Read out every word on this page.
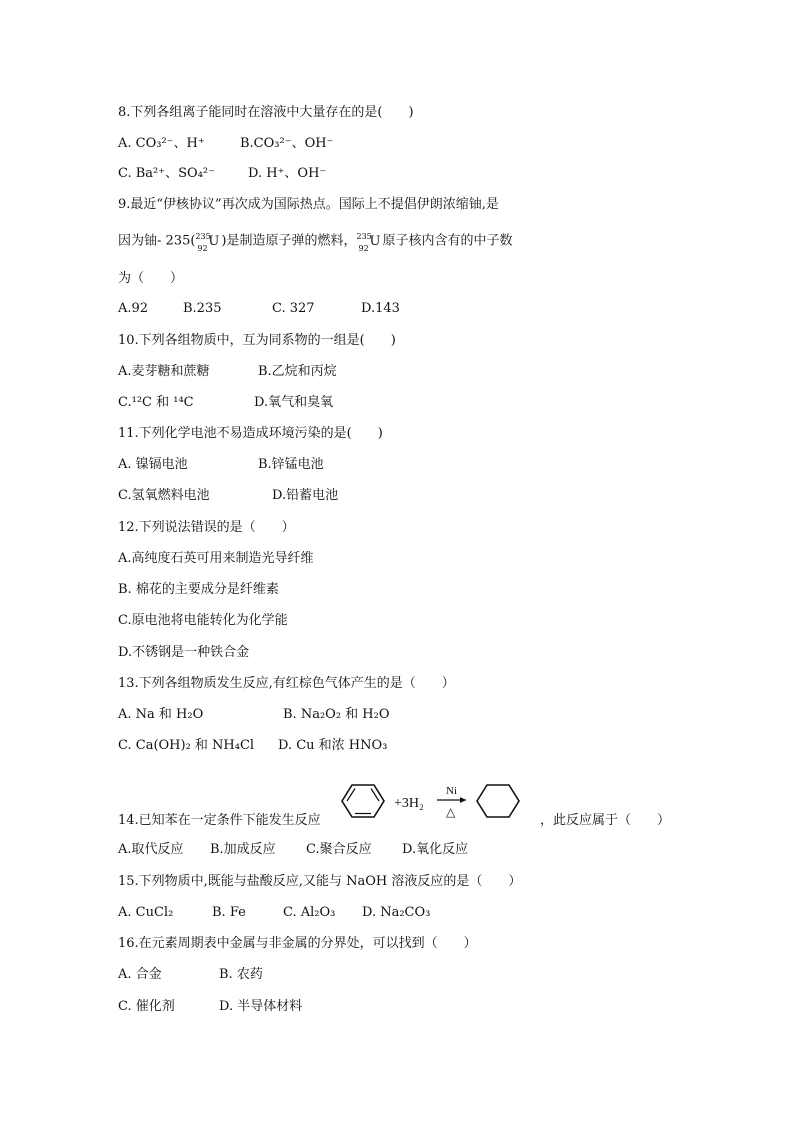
8.下列各组离子能同时在溶液中大量存在的是(　　)
A. CO₃²⁻、H⁺	B.CO₃²⁻、OH⁻
C. Ba²⁺、SO₄²⁻	D. H⁺、OH⁻
9.最近“伊核协议”再次成为国际热点。国际上不提倡伊朗浓缩铀,是
因为铀- 235( 235
92 U )是制造原子弹的燃料， 235
92 U 原子核内含有的中子数
为（　　）
A.92	B.235	C. 327	D.143
10.下列各组物质中，互为同系物的一组是(　　)
A.麦芽糖和蔗糖	B.乙烷和丙烷
C.¹²C 和 ¹⁴C	D.氧气和臭氧
11.下列化学电池不易造成环境污染的是(　　)
A. 镍镉电池	B.锌锰电池
C.氢氧燃料电池	D.铅蓄电池
12.下列说法错误的是（　　）
A.高纯度石英可用来制造光导纤维
B. 棉花的主要成分是纤维素
C.原电池将电能转化为化学能
D.不锈钢是一种铁合金
13.下列各组物质发生反应,有红棕色气体产生的是（　　）
A. Na 和 H₂O	B. Na₂O₂ 和 H₂O
C. Ca(OH)₂ 和 NH₄Cl D. Cu 和浓 HNO₃
14.已知苯在一定条件下能发生反应
+3H₂
Ni
△
，此反应属于（　　）
A.取代反应 B.加成反应 C.聚合反应 D.氧化反应
15.下列物质中,既能与盐酸反应,又能与 NaOH 溶液反应的是（　　）
A. CuCl₂	B. Fe	C. Al₂O₃ D. Na₂CO₃
16.在元素周期表中金属与非金属的分界处，可以找到（　　）
A. 合金	B. 农药
C. 催化剂	D. 半导体材料
